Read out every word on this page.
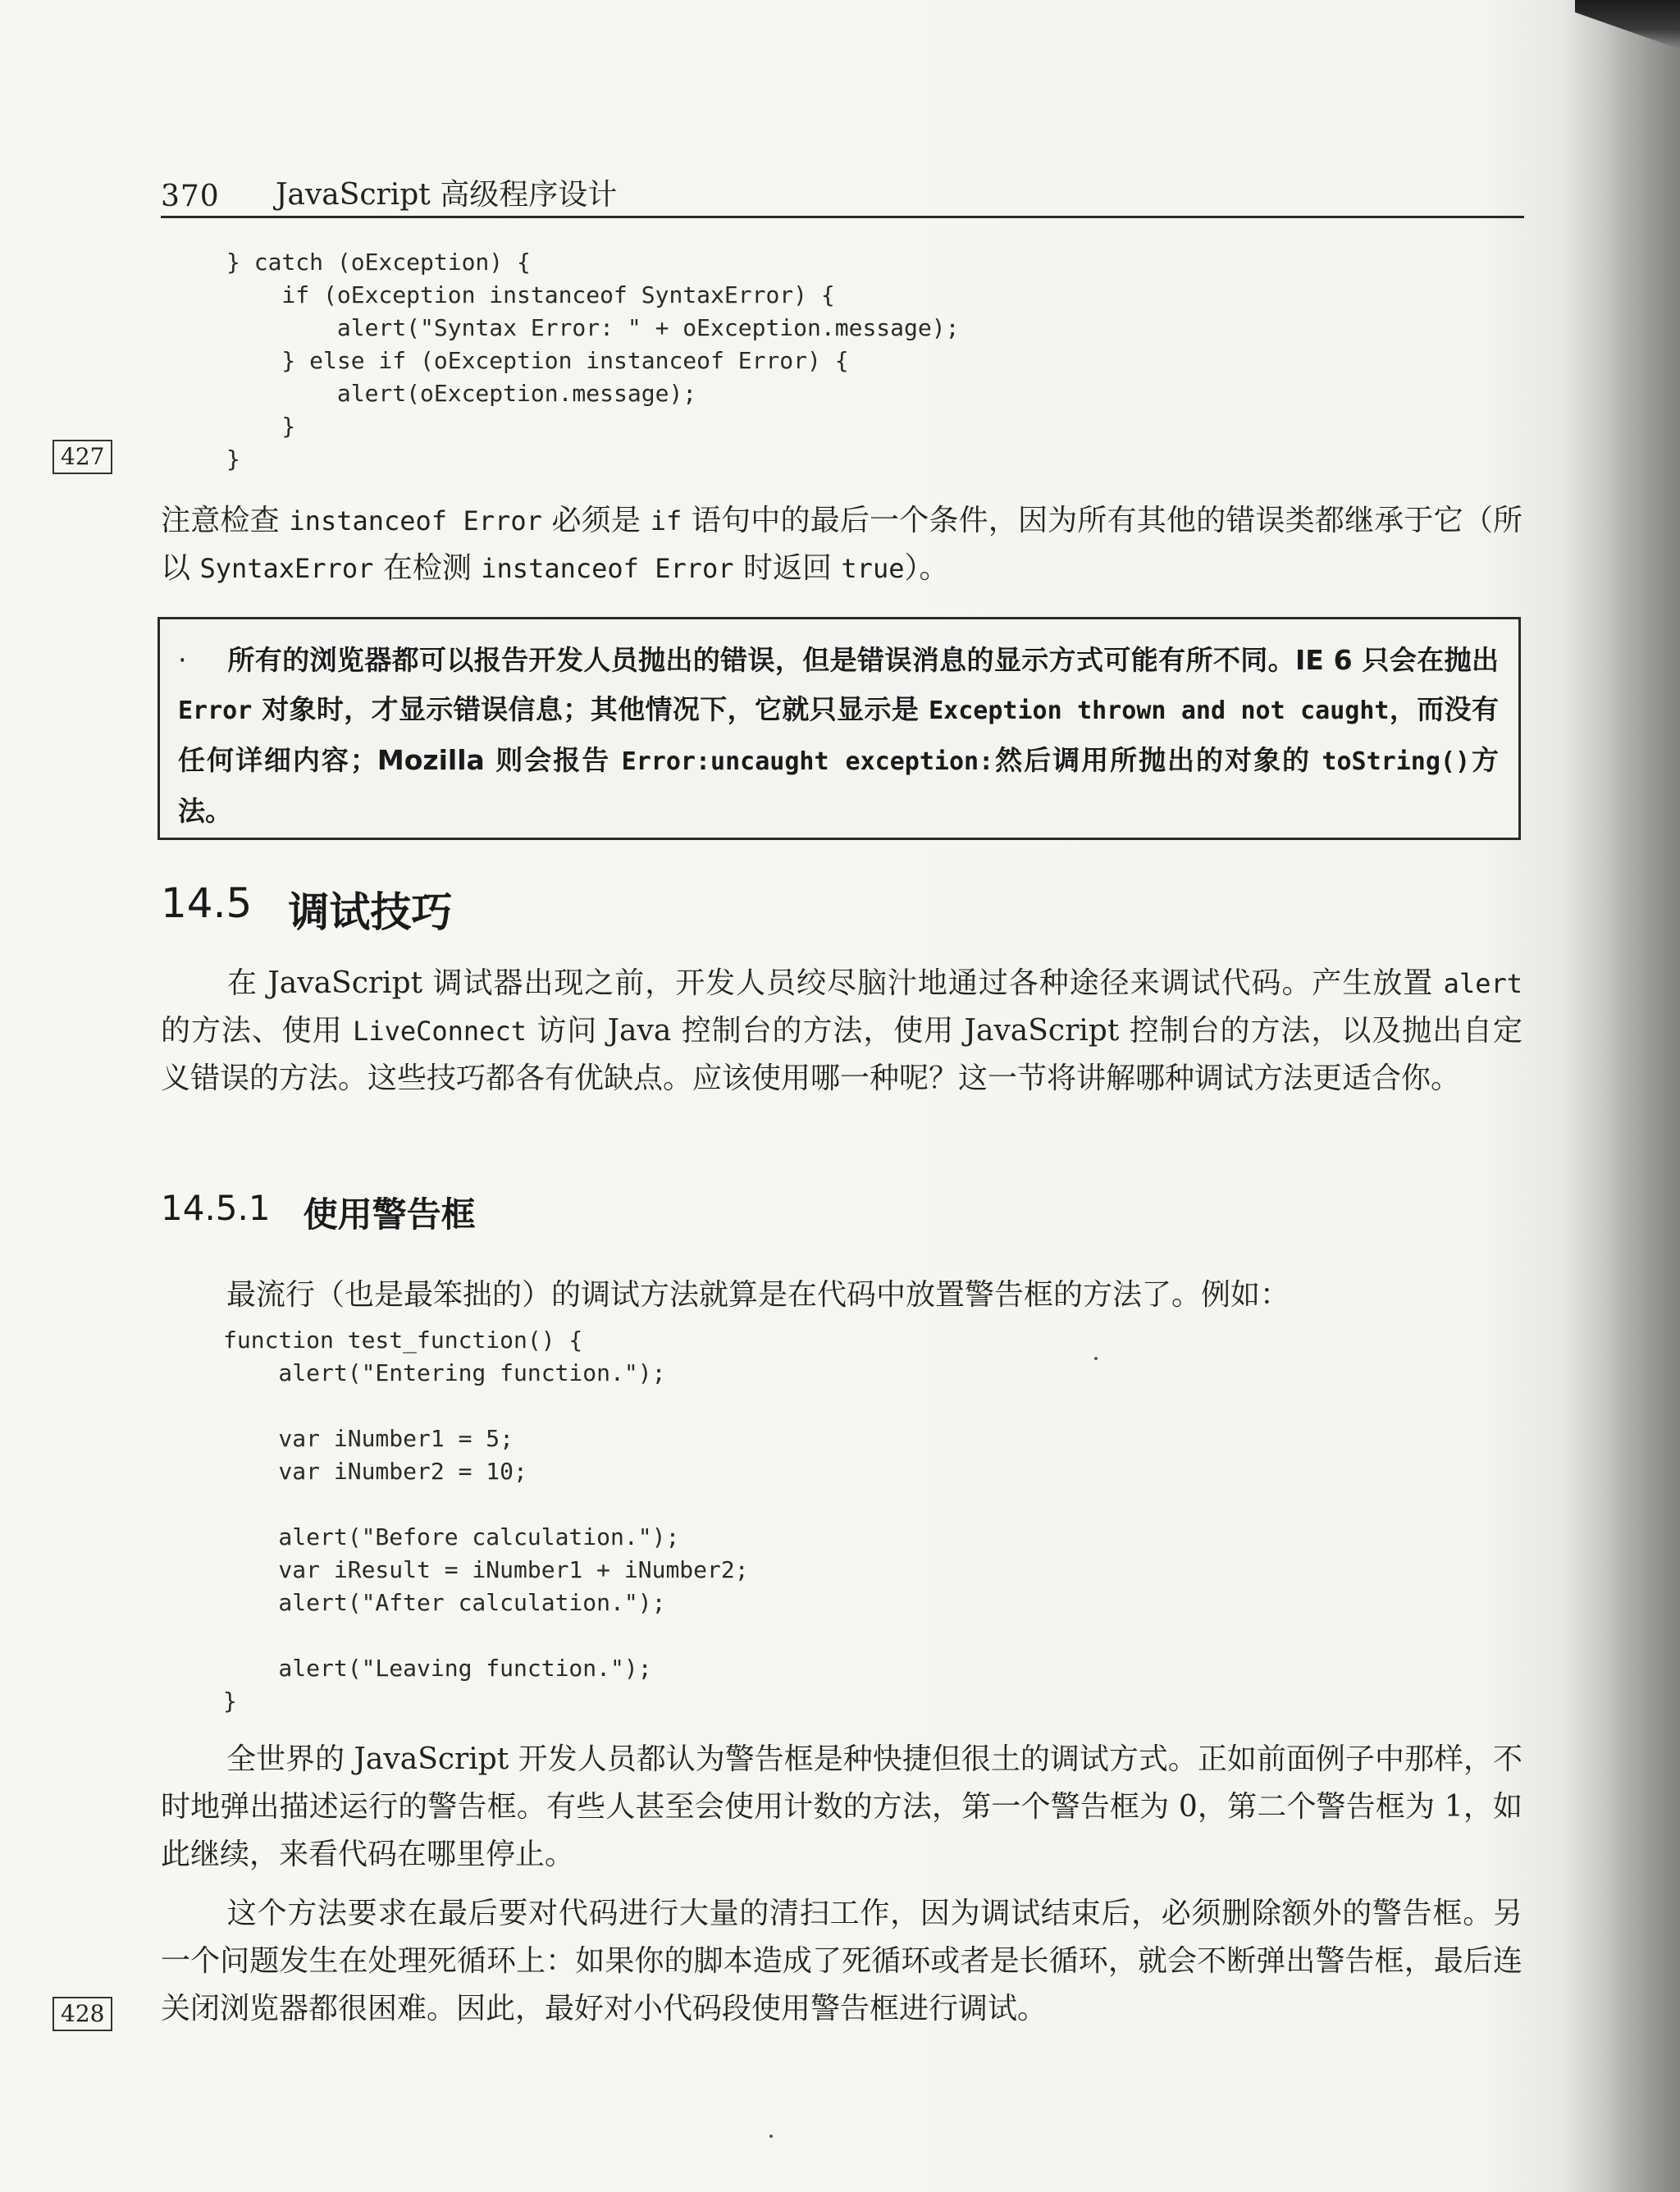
370	JavaScript 高级程序设计
} catch (oException) {
if (oException instanceof SyntaxError) {
alert("Syntax Error: " + oException.message);
} else if (oException instanceof Error) {
alert(oException.message);
}
}
427

注意检查 instanceof Error 必须是 if 语句中的最后一个条件，因为所有其他的错误类都继承于它（所以 SyntaxError 在检测 instanceof Error 时返回 true）。

· 所有的浏览器都可以报告开发人员抛出的错误，但是错误消息的显示方式可能有所不同。IE 6 只会在抛出 Error 对象时，才显示错误信息；其他情况下，它就只显示是 Exception thrown and not caught，而没有任何详细内容；Mozilla 则会报告 Error:uncaught exception:然后调用所抛出的对象的 toString()方法。
14.5 调试技巧

在 JavaScript 调试器出现之前，开发人员绞尽脑汁地通过各种途径来调试代码。产生放置 alert 的方法、使用 LiveConnect 访问 Java 控制台的方法，使用 JavaScript 控制台的方法，以及抛出自定义错误的方法。这些技巧都各有优缺点。应该使用哪一种呢？这一节将讲解哪种调试方法更适合你。

14.5.1 使用警告框

最流行（也是最笨拙的）的调试方法就算是在代码中放置警告框的方法了。例如：

function test_function() {
alert("Entering function.");

var iNumber1 = 5;
var iNumber2 = 10;

alert("Before calculation.");
var iResult = iNumber1 + iNumber2;
alert("After calculation.");

alert("Leaving function.");
}

全世界的 JavaScript 开发人员都认为警告框是种快捷但很土的调试方式。正如前面例子中那样，不时地弹出描述运行的警告框。有些人甚至会使用计数的方法，第一个警告框为 0，第二个警告框为 1，如此继续，来看代码在哪里停止。

这个方法要求在最后要对代码进行大量的清扫工作，因为调试结束后，必须删除额外的警告框。另一个问题发生在处理死循环上：如果你的脚本造成了死循环或者是长循环，就会不断弹出警告框，最后连关闭浏览器都很困难。因此，最好对小代码段使用警告框进行调试。

428
